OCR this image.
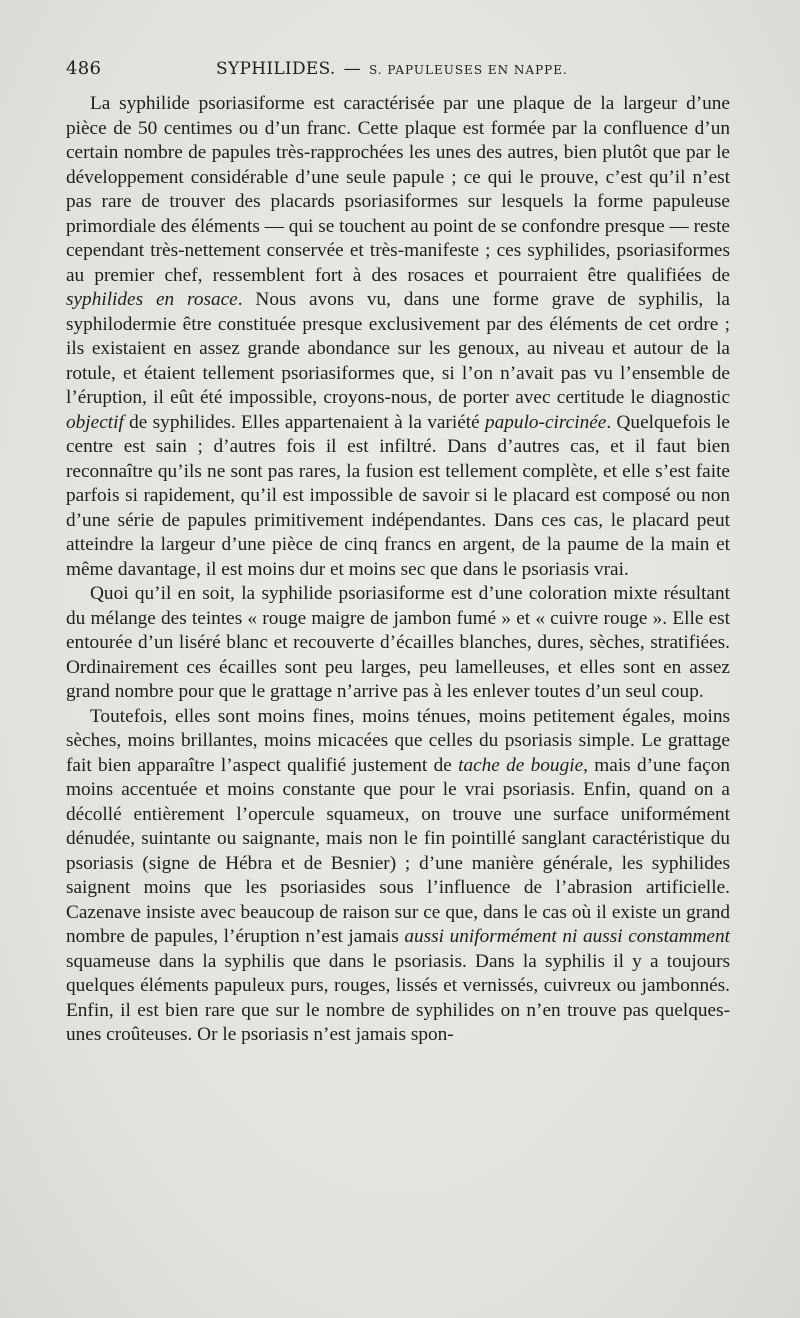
486	SYPHILIDES. — S. PAPULEUSES EN NAPPE.

La syphilide psoriasiforme est caractérisée par une plaque de la largeur d’une pièce de 50 centimes ou d’un franc. Cette plaque est formée par la confluence d’un certain nombre de papules très-rapprochées les unes des autres, bien plutôt que par le développement considérable d’une seule papule ; ce qui le prouve, c’est qu’il n’est pas rare de trouver des placards psoriasiformes sur lesquels la forme papuleuse primordiale des éléments — qui se touchent au point de se confondre presque — reste cependant très-nettement conservée et très-manifeste ; ces syphilides, psoriasiformes au premier chef, ressemblent fort à des rosaces et pourraient être qualifiées de syphilides en rosace. Nous avons vu, dans une forme grave de syphilis, la syphilodermie être constituée presque exclusivement par des éléments de cet ordre ; ils existaient en assez grande abondance sur les genoux, au niveau et autour de la rotule, et étaient tellement psoriasiformes que, si l’on n’avait pas vu l’ensemble de l’éruption, il eût été impossible, croyons-nous, de porter avec certitude le diagnostic objectif de syphilides. Elles appartenaient à la variété papulo-circinée. Quelquefois le centre est sain ; d’autres fois il est infiltré. Dans d’autres cas, et il faut bien reconnaître qu’ils ne sont pas rares, la fusion est tellement complète, et elle s’est faite parfois si rapidement, qu’il est impossible de savoir si le placard est composé ou non d’une série de papules primitivement indépendantes. Dans ces cas, le placard peut atteindre la largeur d’une pièce de cinq francs en argent, de la paume de la main et même davantage, il est moins dur et moins sec que dans le psoriasis vrai.

Quoi qu’il en soit, la syphilide psoriasiforme est d’une coloration mixte résultant du mélange des teintes « rouge maigre de jambon fumé » et « cuivre rouge ». Elle est entourée d’un liséré blanc et recouverte d’écailles blanches, dures, sèches, stratifiées. Ordinairement ces écailles sont peu larges, peu lamelleuses, et elles sont en assez grand nombre pour que le grattage n’arrive pas à les enlever toutes d’un seul coup.

Toutefois, elles sont moins fines, moins ténues, moins petitement égales, moins sèches, moins brillantes, moins micacées que celles du psoriasis simple. Le grattage fait bien apparaître l’aspect qualifié justement de tache de bougie, mais d’une façon moins accentuée et moins constante que pour le vrai psoriasis. Enfin, quand on a décollé entièrement l’opercule squameux, on trouve une surface uniformément dénudée, suintante ou saignante, mais non le fin pointillé sanglant caractéristique du psoriasis (signe de Hébra et de Besnier) ; d’une manière générale, les syphilides saignent moins que les psoriasides sous l’influence de l’abrasion artificielle. Cazenave insiste avec beaucoup de raison sur ce que, dans le cas où il existe un grand nombre de papules, l’éruption n’est jamais aussi uniformément ni aussi constamment squameuse dans la syphilis que dans le psoriasis. Dans la syphilis il y a toujours quelques éléments papuleux purs, rouges, lissés et vernissés, cuivreux ou jambonnés. Enfin, il est bien rare que sur le nombre de syphilides on n’en trouve pas quelques-unes croûteuses. Or le psoriasis n’est jamais spon-
